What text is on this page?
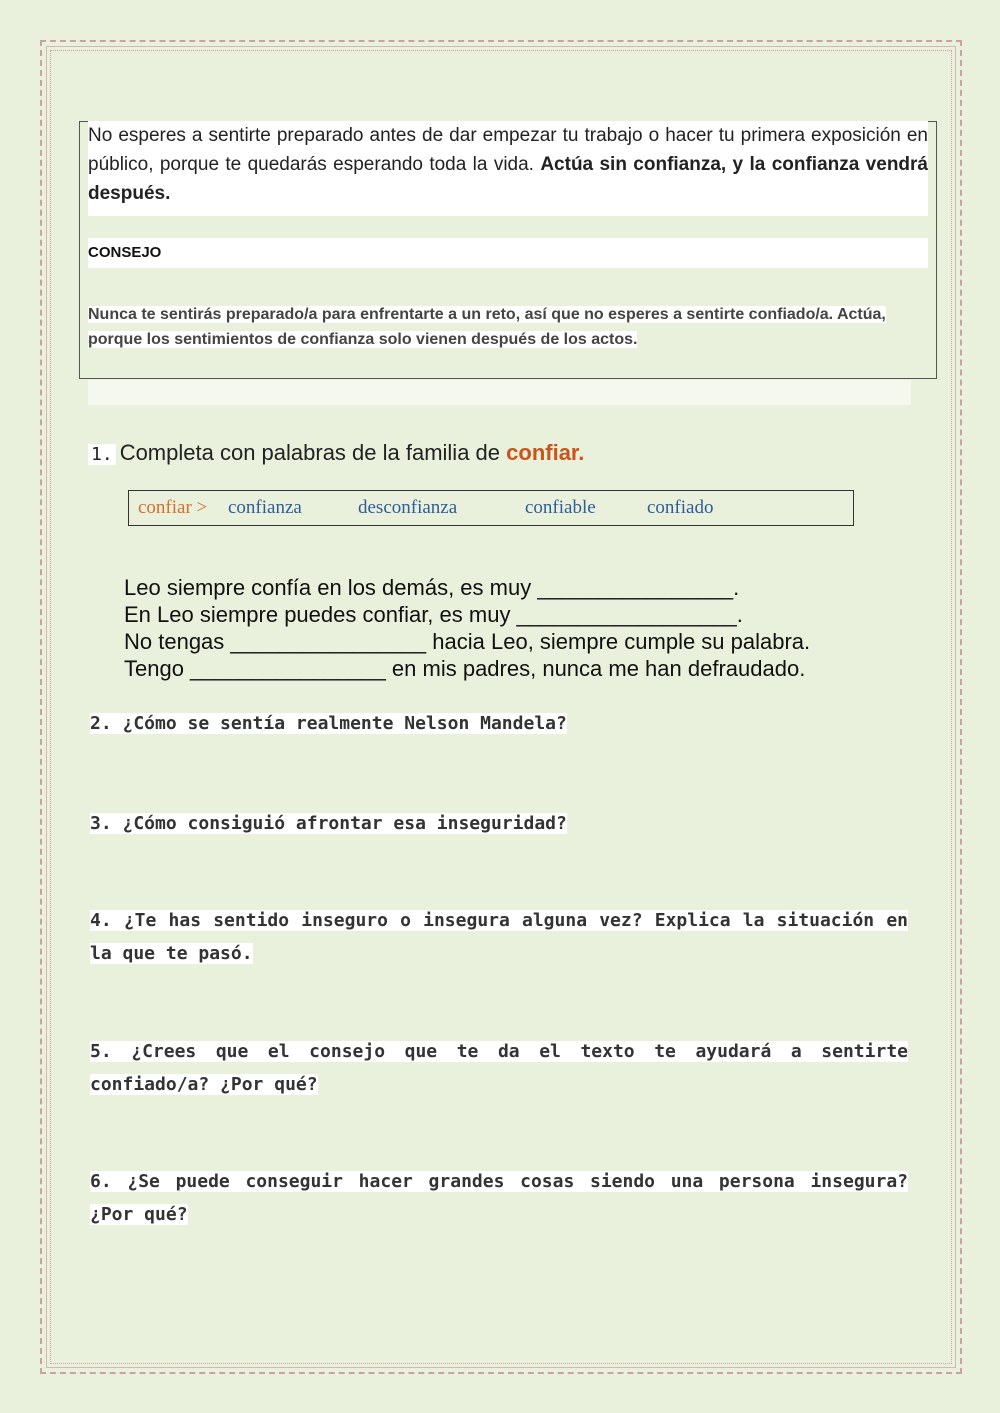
No esperes a sentirte preparado antes de dar empezar tu trabajo o hacer tu primera exposición en público, porque te quedarás esperando toda la vida. Actúa sin confianza, y la confianza vendrá después.
CONSEJO
Nunca te sentirás preparado/a para enfrentarte a un reto, así que no esperes a sentirte confiado/a. Actúa, porque los sentimientos de confianza solo vienen después de los actos.
1. Completa con palabras de la familia de confiar.
confiar > confianza	desconfianza	confiable	confiado
Leo siempre confía en los demás, es muy ________________.
En Leo siempre puedes confiar, es muy __________________.
No tengas ________________ hacia Leo, siempre cumple su palabra.
Tengo ________________ en mis padres, nunca me han defraudado.
2. ¿Cómo se sentía realmente Nelson Mandela?
3. ¿Cómo consiguió afrontar esa inseguridad?
4. ¿Te has sentido inseguro o insegura alguna vez? Explica la situación en la que te pasó.
5. ¿Crees que el consejo que te da el texto te ayudará a sentirte confiado/a? ¿Por qué?
6. ¿Se puede conseguir hacer grandes cosas siendo una persona insegura? ¿Por qué?
